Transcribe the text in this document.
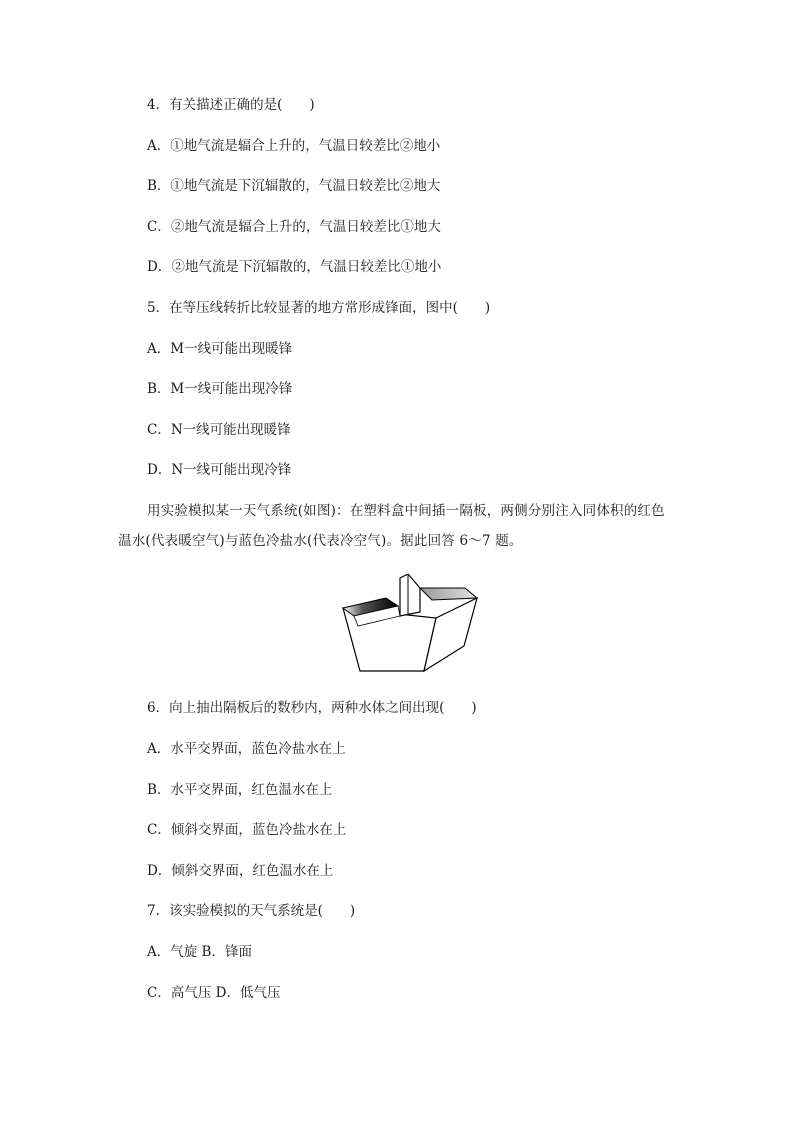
4．有关描述正确的是(　　)
A．①地气流是辐合上升的，气温日较差比②地小
B．①地气流是下沉辐散的，气温日较差比②地大
C．②地气流是辐合上升的，气温日较差比①地大
D．②地气流是下沉辐散的，气温日较差比①地小
5．在等压线转折比较显著的地方常形成锋面，图中(　　)
A．M一线可能出现暖锋
B．M一线可能出现冷锋
C．N一线可能出现暖锋
D．N一线可能出现冷锋
用实验模拟某一天气系统(如图)：在塑料盒中间插一隔板，两侧分别注入同体积的红色
温水(代表暖空气)与蓝色冷盐水(代表冷空气)。据此回答 6～7 题。
6．向上抽出隔板后的数秒内，两种水体之间出现(　　)
A．水平交界面，蓝色冷盐水在上
B．水平交界面，红色温水在上
C．倾斜交界面，蓝色冷盐水在上
D．倾斜交界面，红色温水在上
7．该实验模拟的天气系统是(　　)
A．气旋 B．锋面
C．高气压 D．低气压
